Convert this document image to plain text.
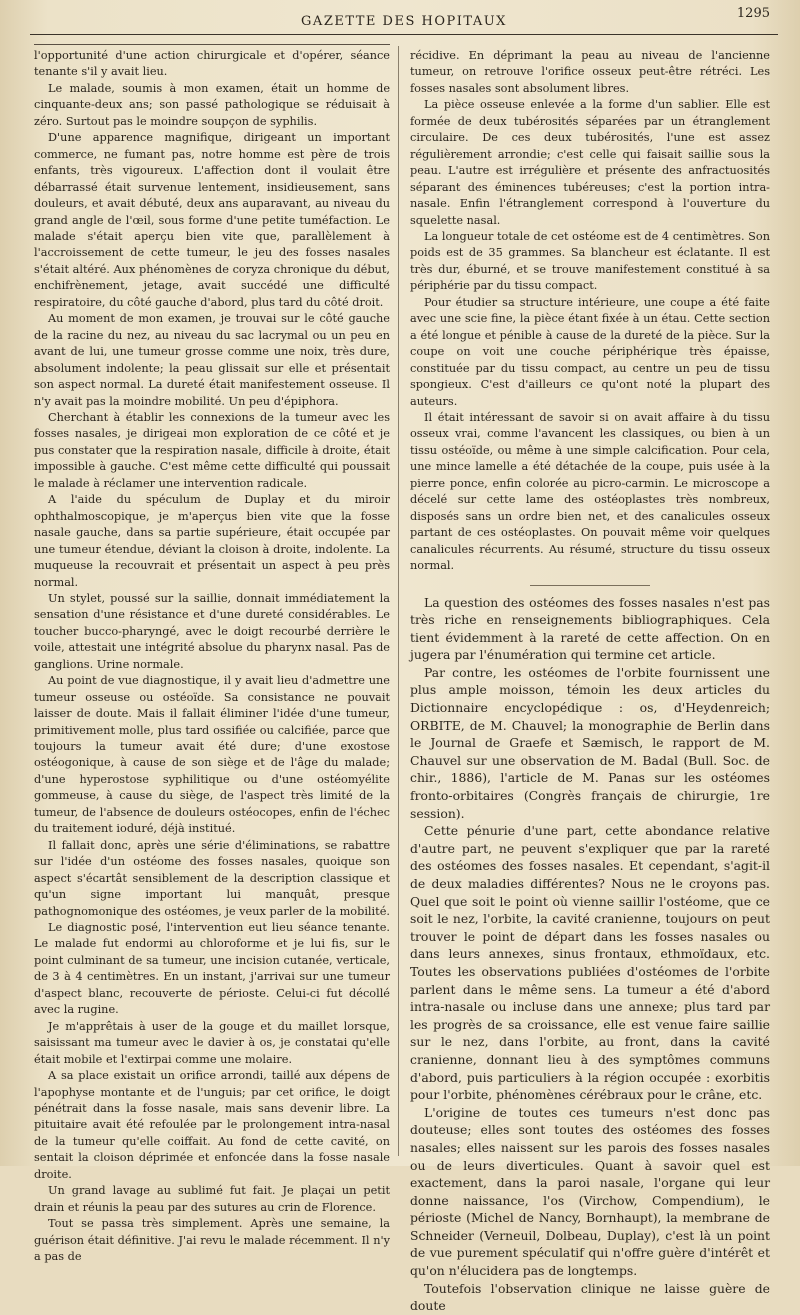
GAZETTE DES HOPITAUX
1295

l'opportunité d'une action chirurgicale et d'opérer, séance tenante s'il y avait lieu.

Le malade, soumis à mon examen, était un homme de cinquante-deux ans; son passé pathologique se réduisait à zéro. Surtout pas le moindre soupçon de syphilis.

D'une apparence magnifique, dirigeant un important commerce, ne fumant pas, notre homme est père de trois enfants, très vigoureux. L'affection dont il voulait être débarrassé était survenue lentement, insidieusement, sans douleurs, et avait débuté, deux ans auparavant, au niveau du grand angle de l'œil, sous forme d'une petite tuméfaction. Le malade s'était aperçu bien vite que, parallèlement à l'accroissement de cette tumeur, le jeu des fosses nasales s'était altéré. Aux phénomènes de coryza chronique du début, enchifrènement, jetage, avait succédé une difficulté respiratoire, du côté gauche d'abord, plus tard du côté droit.

Au moment de mon examen, je trouvai sur le côté gauche de la racine du nez, au niveau du sac lacrymal ou un peu en avant de lui, une tumeur grosse comme une noix, très dure, absolument indolente; la peau glissait sur elle et présentait son aspect normal. La dureté était manifestement osseuse. Il n'y avait pas la moindre mobilité. Un peu d'épiphora.

Cherchant à établir les connexions de la tumeur avec les fosses nasales, je dirigeai mon exploration de ce côté et je pus constater que la respiration nasale, difficile à droite, était impossible à gauche. C'est même cette difficulté qui poussait le malade à réclamer une intervention radicale.

A l'aide du spéculum de Duplay et du miroir ophthalmoscopique, je m'aperçus bien vite que la fosse nasale gauche, dans sa partie supérieure, était occupée par une tumeur étendue, déviant la cloison à droite, indolente. La muqueuse la recouvrait et présentait un aspect à peu près normal.

Un stylet, poussé sur la saillie, donnait immédiatement la sensation d'une résistance et d'une dureté considérables. Le toucher bucco-pharyngé, avec le doigt recourbé derrière le voile, attestait une intégrité absolue du pharynx nasal. Pas de ganglions. Urine normale.

Au point de vue diagnostique, il y avait lieu d'admettre une tumeur osseuse ou ostéoïde. Sa consistance ne pouvait laisser de doute. Mais il fallait éliminer l'idée d'une tumeur, primitivement molle, plus tard ossifiée ou calcifiée, parce que toujours la tumeur avait été dure; d'une exostose ostéogonique, à cause de son siège et de l'âge du malade; d'une hyperostose syphilitique ou d'une ostéomyélite gommeuse, à cause du siège, de l'aspect très limité de la tumeur, de l'absence de douleurs ostéocopes, enfin de l'échec du traitement ioduré, déjà institué.

Il fallait donc, après une série d'éliminations, se rabattre sur l'idée d'un ostéome des fosses nasales, quoique son aspect s'écartât sensiblement de la description classique et qu'un signe important lui manquât, presque pathognomonique des ostéomes, je veux parler de la mobilité.

Le diagnostic posé, l'intervention eut lieu séance tenante. Le malade fut endormi au chloroforme et je lui fis, sur le point culminant de sa tumeur, une incision cutanée, verticale, de 3 à 4 centimètres. En un instant, j'arrivai sur une tumeur d'aspect blanc, recouverte de périoste. Celui-ci fut décollé avec la rugine.

Je m'apprêtais à user de la gouge et du maillet lorsque, saisissant ma tumeur avec le davier à os, je constatai qu'elle était mobile et l'extirpai comme une molaire.

A sa place existait un orifice arrondi, taillé aux dépens de l'apophyse montante et de l'unguis; par cet orifice, le doigt pénétrait dans la fosse nasale, mais sans devenir libre. La pituitaire avait été refoulée par le prolongement intra-nasal de la tumeur qu'elle coiffait. Au fond de cette cavité, on sentait la cloison déprimée et enfoncée dans la fosse nasale droite.

Un grand lavage au sublimé fut fait. Je plaçai un petit drain et réunis la peau par des sutures au crin de Florence.

Tout se passa très simplement. Après une semaine, la guérison était définitive. J'ai revu le malade récemment. Il n'y a pas de

récidive. En déprimant la peau au niveau de l'ancienne tumeur, on retrouve l'orifice osseux peut-être rétréci. Les fosses nasales sont absolument libres.

La pièce osseuse enlevée a la forme d'un sablier. Elle est formée de deux tubérosités séparées par un étranglement circulaire. De ces deux tubérosités, l'une est assez régulièrement arrondie; c'est celle qui faisait saillie sous la peau. L'autre est irrégulière et présente des anfractuosités séparant des éminences tubéreuses; c'est la portion intra-nasale. Enfin l'étranglement correspond à l'ouverture du squelette nasal.

La longueur totale de cet ostéome est de 4 centimètres. Son poids est de 35 grammes. Sa blancheur est éclatante. Il est très dur, éburné, et se trouve manifestement constitué à sa périphérie par du tissu compact.

Pour étudier sa structure intérieure, une coupe a été faite avec une scie fine, la pièce étant fixée à un étau. Cette section a été longue et pénible à cause de la dureté de la pièce. Sur la coupe on voit une couche périphérique très épaisse, constituée par du tissu compact, au centre un peu de tissu spongieux. C'est d'ailleurs ce qu'ont noté la plupart des auteurs.

Il était intéressant de savoir si on avait affaire à du tissu osseux vrai, comme l'avancent les classiques, ou bien à un tissu ostéoïde, ou même à une simple calcification. Pour cela, une mince lamelle a été détachée de la coupe, puis usée à la pierre ponce, enfin colorée au picro-carmin. Le microscope a décelé sur cette lame des ostéoplastes très nombreux, disposés sans un ordre bien net, et des canalicules osseux partant de ces ostéoplastes. On pouvait même voir quelques canalicules récurrents. Au résumé, structure du tissu osseux normal.

La question des ostéomes des fosses nasales n'est pas très riche en renseignements bibliographiques. Cela tient évidemment à la rareté de cette affection. On en jugera par l'énumération qui termine cet article.

Par contre, les ostéomes de l'orbite fournissent une plus ample moisson, témoin les deux articles du Dictionnaire encyclopédique : os, d'Heydenreich; ORBITE, de M. Chauvel; la monographie de Berlin dans le Journal de Graefe et Sæmisch, le rapport de M. Chauvel sur une observation de M. Badal (Bull. Soc. de chir., 1886), l'article de M. Panas sur les ostéomes fronto-orbitaires (Congrès français de chirurgie, 1re session).

Cette pénurie d'une part, cette abondance relative d'autre part, ne peuvent s'expliquer que par la rareté des ostéomes des fosses nasales. Et cependant, s'agit-il de deux maladies différentes? Nous ne le croyons pas. Quel que soit le point où vienne saillir l'ostéome, que ce soit le nez, l'orbite, la cavité cranienne, toujours on peut trouver le point de départ dans les fosses nasales ou dans leurs annexes, sinus frontaux, ethmoïdaux, etc. Toutes les observations publiées d'ostéomes de l'orbite parlent dans le même sens. La tumeur a été d'abord intra-nasale ou incluse dans une annexe; plus tard par les progrès de sa croissance, elle est venue faire saillie sur le nez, dans l'orbite, au front, dans la cavité cranienne, donnant lieu à des symptômes communs d'abord, puis particuliers à la région occupée : exorbitis pour l'orbite, phénomènes cérébraux pour le crâne, etc.

L'origine de toutes ces tumeurs n'est donc pas douteuse; elles sont toutes des ostéomes des fosses nasales; elles naissent sur les parois des fosses nasales ou de leurs diverticules. Quant à savoir quel est exactement, dans la paroi nasale, l'organe qui leur donne naissance, l'os (Virchow, Compendium), le périoste (Michel de Nancy, Bornhaupt), la membrane de Schneider (Verneuil, Dolbeau, Duplay), c'est là un point de vue purement spéculatif qui n'offre guère d'intérêt et qu'on n'élucidera pas de longtemps.

Toutefois l'observation clinique ne laisse guère de doute
